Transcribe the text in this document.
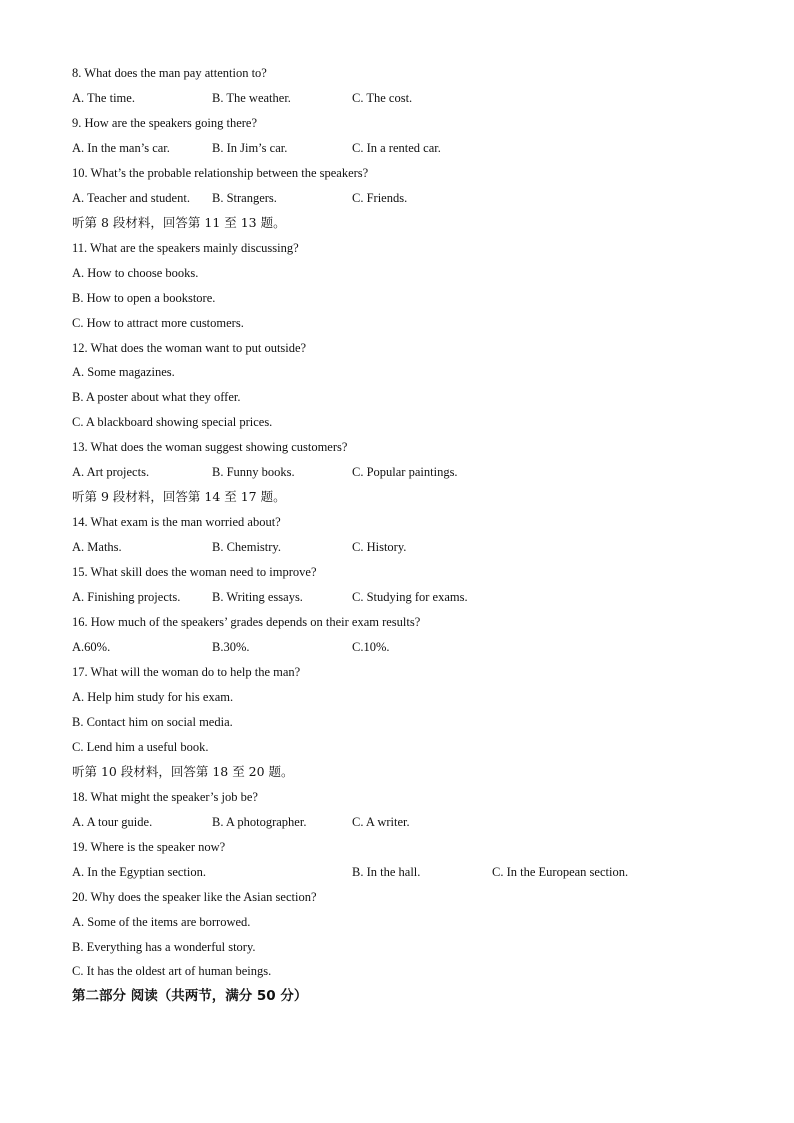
8. What does the man pay attention to?
A. The time.	B. The weather.	C. The cost.
9. How are the speakers going there?
A. In the man’s car.	B. In Jim’s car.	C. In a rented car.
10. What’s the probable relationship between the speakers?
A. Teacher and student. B. Strangers.	C. Friends.
听第 8 段材料，回答第 11 至 13 题。
11. What are the speakers mainly discussing?
A. How to choose books.
B. How to open a bookstore.
C. How to attract more customers.
12. What does the woman want to put outside?
A. Some magazines.
B. A poster about what they offer.
C. A blackboard showing special prices.
13. What does the woman suggest showing customers?
A. Art projects.	B. Funny books.	C. Popular paintings.
听第 9 段材料，回答第 14 至 17 题。
14. What exam is the man worried about?
A. Maths.	B. Chemistry.	C. History.
15. What skill does the woman need to improve?
A. Finishing projects.	B. Writing essays.	C. Studying for exams.
16. How much of the speakers’ grades depends on their exam results?
A.60%.	B.30%.	C.10%.
17. What will the woman do to help the man?
A. Help him study for his exam.
B. Contact him on social media.
C. Lend him a useful book.
听第 10 段材料，回答第 18 至 20 题。
18. What might the speaker’s job be?
A. A tour guide.	B. A photographer.	C. A writer.
19. Where is the speaker now?
A. In the Egyptian section.	B. In the hall.	C. In the European section.
20. Why does the speaker like the Asian section?
A. Some of the items are borrowed.
B. Everything has a wonderful story.
C. It has the oldest art of human beings.
第二部分 阅读（共两节，满分 50 分）
